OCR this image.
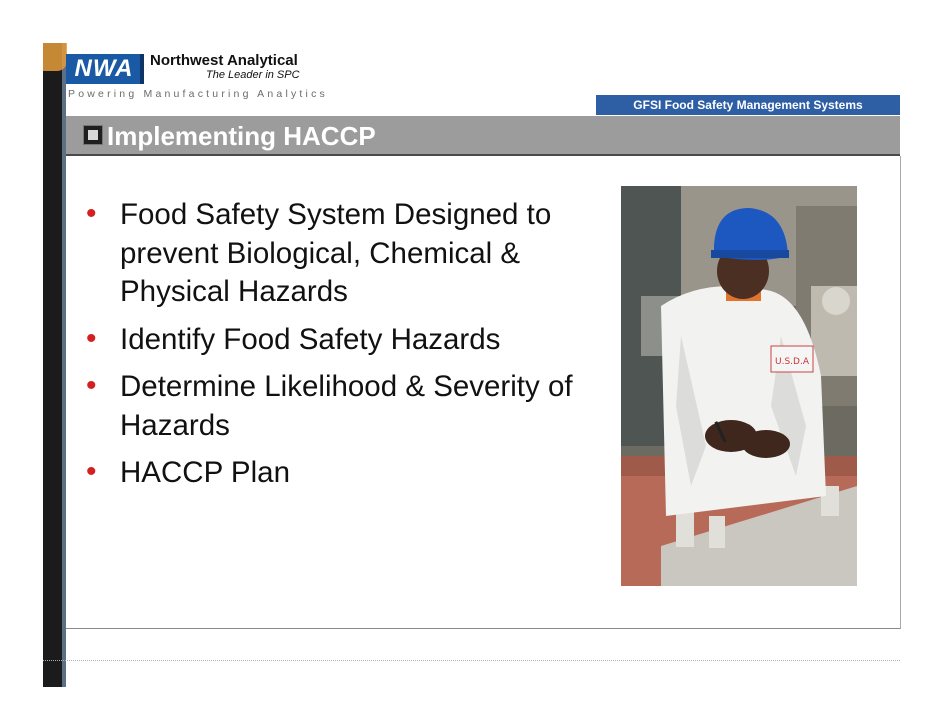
NWA	Northwest Analytical
The Leader in SPC
Powering Manufacturing Analytics
GFSI Food Safety Management Systems
Implementing HACCP
• Food Safety System Designed to prevent Biological, Chemical & Physical Hazards
• Identify Food Safety Hazards
• Determine Likelihood & Severity of Hazards
• HACCP Plan
U.S.D.A
